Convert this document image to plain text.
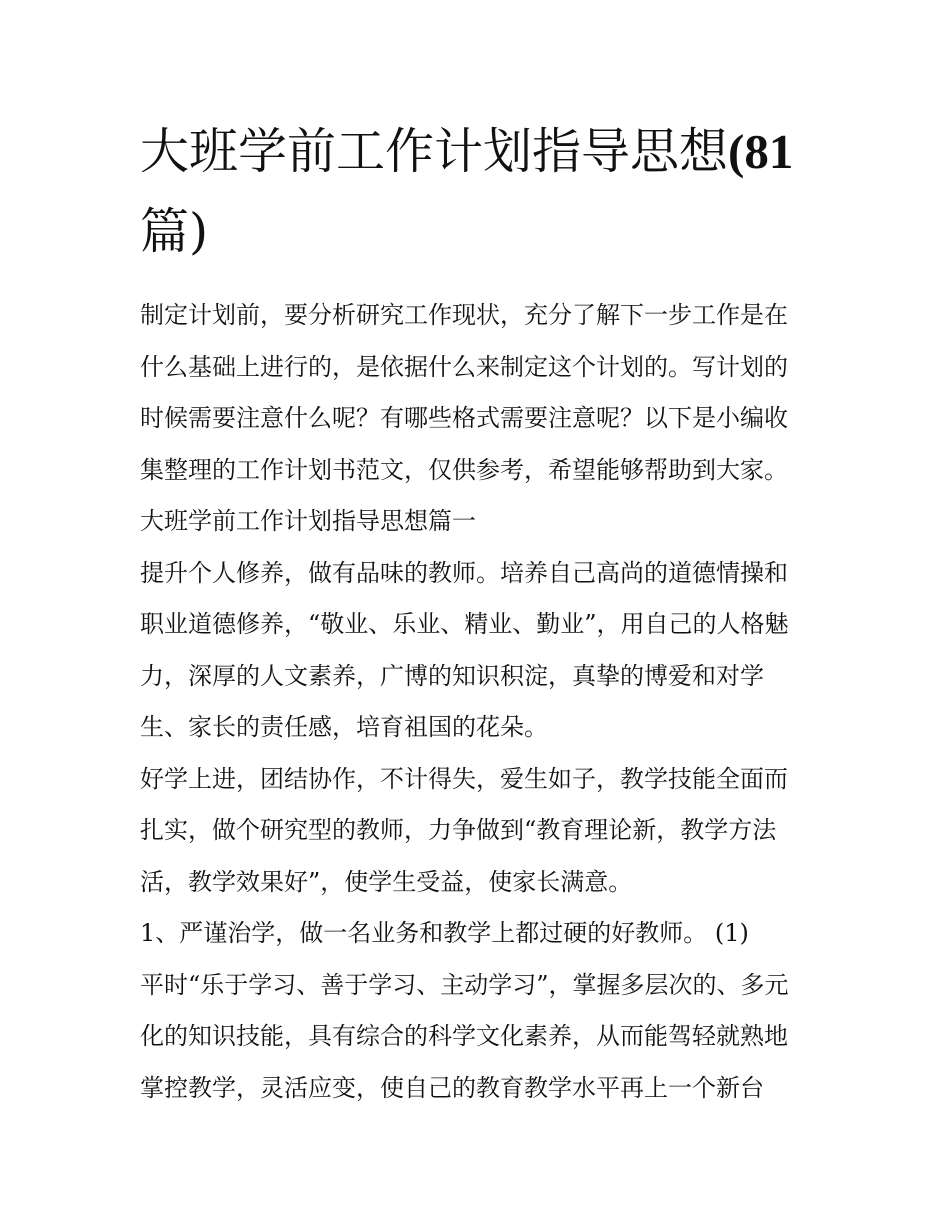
大班学前工作计划指导思想(81
篇)

制定计划前，要分析研究工作现状，充分了解下一步工作是在
什么基础上进行的，是依据什么来制定这个计划的。写计划的
时候需要注意什么呢？有哪些格式需要注意呢？以下是小编收
集整理的工作计划书范文，仅供参考，希望能够帮助到大家。

大班学前工作计划指导思想篇一

提升个人修养，做有品味的教师。培养自己高尚的道德情操和
职业道德修养，“敬业、乐业、精业、勤业”，用自己的人格魅
力，深厚的人文素养，广博的知识积淀，真挚的博爱和对学
生、家长的责任感，培育祖国的花朵。

好学上进，团结协作，不计得失，爱生如子，教学技能全面而
扎实，做个研究型的教师，力争做到“教育理论新，教学方法
活，教学效果好”，使学生受益，使家长满意。

1、严谨治学，做一名业务和教学上都过硬的好教师。 (1)

平时“乐于学习、善于学习、主动学习”，掌握多层次的、多元
化的知识技能，具有综合的科学文化素养，从而能驾轻就熟地
掌控教学，灵活应变，使自己的教育教学水平再上一个新台
